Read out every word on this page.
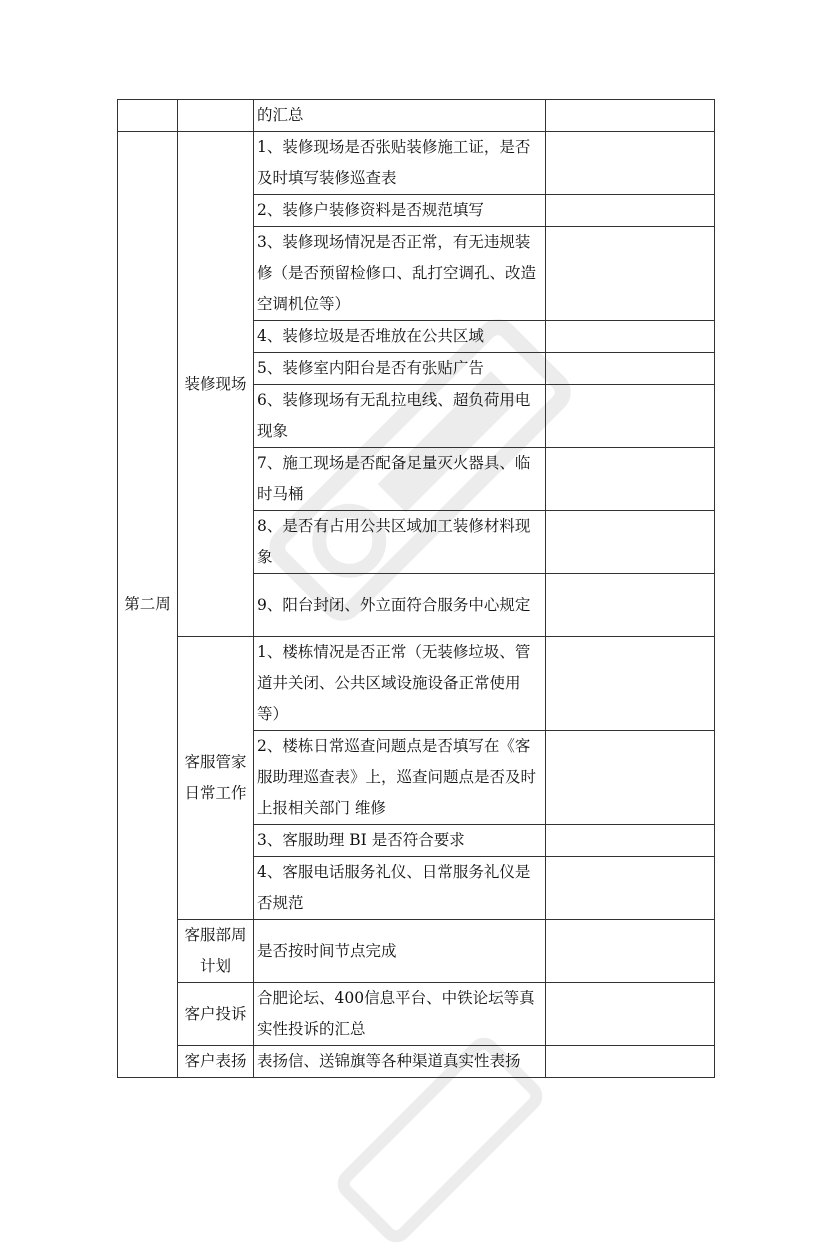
		的汇总	
第二周	装修现场	1、装修现场是否张贴装修施工证，是否及时填写装修巡查表	
		2、装修户装修资料是否规范填写	
		3、装修现场情况是否正常，有无违规装修（是否预留检修口、乱打空调孔、改造空调机位等）	
		4、装修垃圾是否堆放在公共区域	
		5、装修室内阳台是否有张贴广告	
		6、装修现场有无乱拉电线、超负荷用电现象	
		7、施工现场是否配备足量灭火器具、临时马桶	
		8、是否有占用公共区域加工装修材料现象	
		9、阳台封闭、外立面符合服务中心规定	
	客服管家日常工作	1、楼栋情况是否正常（无装修垃圾、管道井关闭、公共区域设施设备正常使用等）	
		2、楼栋日常巡查问题点是否填写在《客服助理巡查表》上，巡查问题点是否及时上报相关部门 维修	
		3、客服助理 BI 是否符合要求	
		4、客服电话服务礼仪、日常服务礼仪是否规范	
	客服部周计划	是否按时间节点完成	
	客户投诉	合肥论坛、400信息平台、中铁论坛等真实性投诉的汇总	
	客户表扬	表扬信、送锦旗等各种渠道真实性表扬	
